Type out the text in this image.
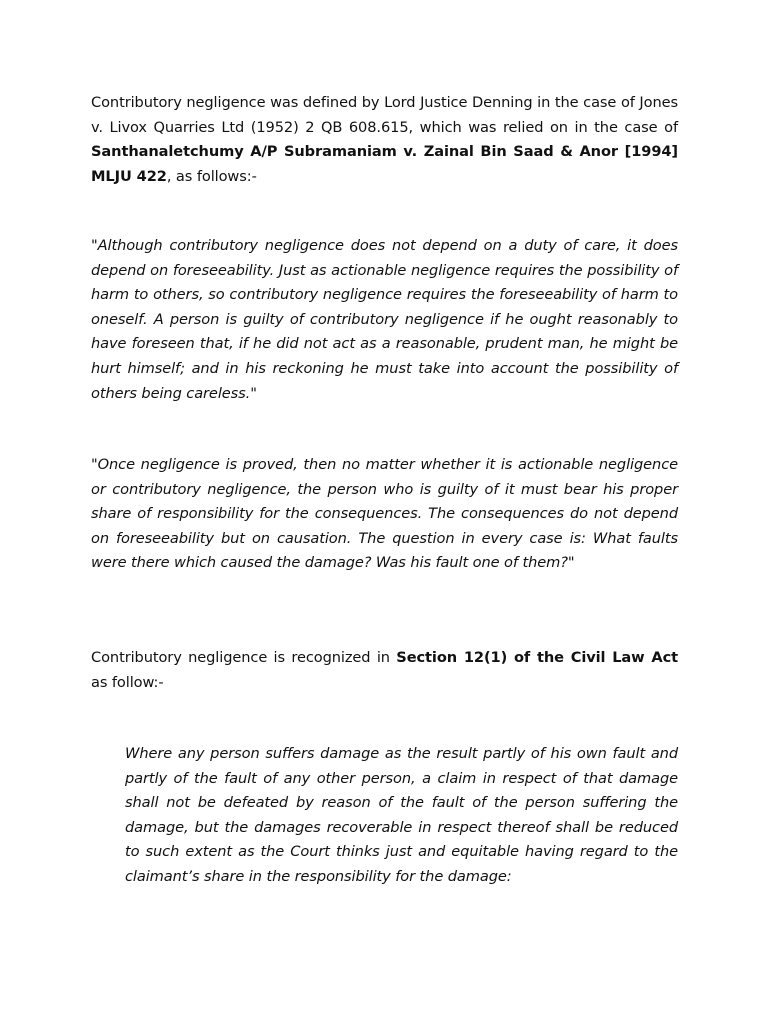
Contributory negligence was defined by Lord Justice Denning in the case of Jones v. Livox Quarries Ltd (1952) 2 QB 608.615, which was relied on in the case of Santhanaletchumy A/P Subramaniam v. Zainal Bin Saad & Anor [1994] MLJU 422, as follows:-

"Although contributory negligence does not depend on a duty of care, it does depend on foreseeability. Just as actionable negligence requires the possibility of harm to others, so contributory negligence requires the foreseeability of harm to oneself. A person is guilty of contributory negligence if he ought reasonably to have foreseen that, if he did not act as a reasonable, prudent man, he might be hurt himself; and in his reckoning he must take into account the possibility of others being careless."

"Once negligence is proved, then no matter whether it is actionable negligence or contributory negligence, the person who is guilty of it must bear his proper share of responsibility for the consequences. The consequences do not depend on foreseeability but on causation. The question in every case is: What faults were there which caused the damage? Was his fault one of them?"

Contributory negligence is recognized in Section 12(1) of the Civil Law Act as follow:-

Where any person suffers damage as the result partly of his own fault and partly of the fault of any other person, a claim in respect of that damage shall not be defeated by reason of the fault of the person suffering the damage, but the damages recoverable in respect thereof shall be reduced to such extent as the Court thinks just and equitable having regard to the claimant’s share in the responsibility for the damage:
